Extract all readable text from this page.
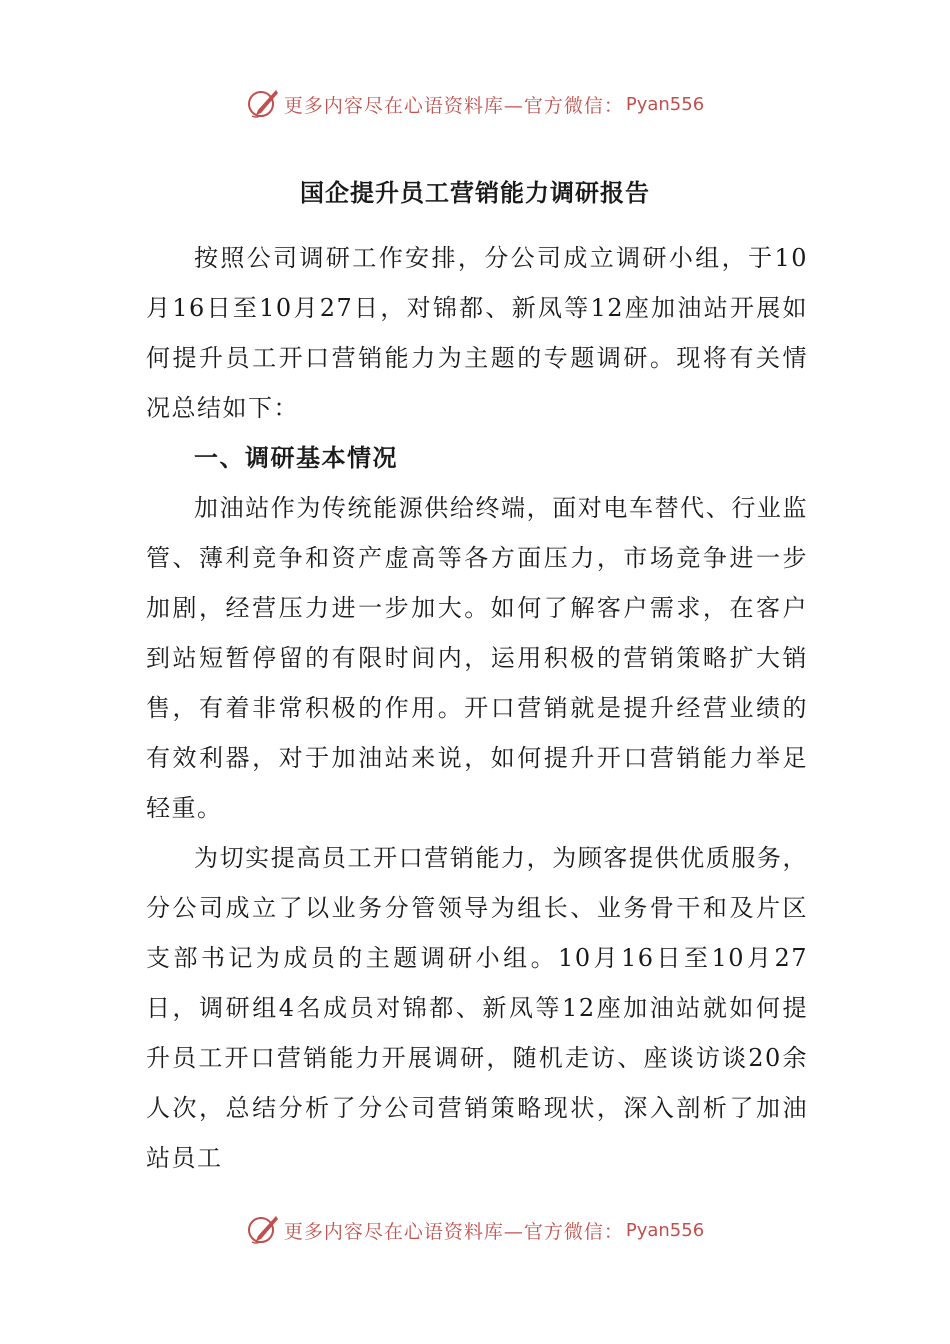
更多内容尽在心语资料库—官方微信： Pyan556
国企提升员工营销能力调研报告

按照公司调研工作安排，分公司成立调研小组，于10月16日至10月27日，对锦都、新凤等12座加油站开展如何提升员工开口营销能力为主题的专题调研。现将有关情况总结如下：

一、调研基本情况

加油站作为传统能源供给终端，面对电车替代、行业监管、薄利竞争和资产虚高等各方面压力，市场竞争进一步加剧，经营压力进一步加大。如何了解客户需求，在客户到站短暂停留的有限时间内，运用积极的营销策略扩大销售，有着非常积极的作用。开口营销就是提升经营业绩的有效利器，对于加油站来说，如何提升开口营销能力举足轻重。

为切实提高员工开口营销能力，为顾客提供优质服务，分公司成立了以业务分管领导为组长、业务骨干和及片区支部书记为成员的主题调研小组。10月16日至10月27日，调研组4名成员对锦都、新凤等12座加油站就如何提升员工开口营销能力开展调研，随机走访、座谈访谈20余人次，总结分析了分公司营销策略现状，深入剖析了加油站员工

更多内容尽在心语资料库—官方微信： Pyan556
